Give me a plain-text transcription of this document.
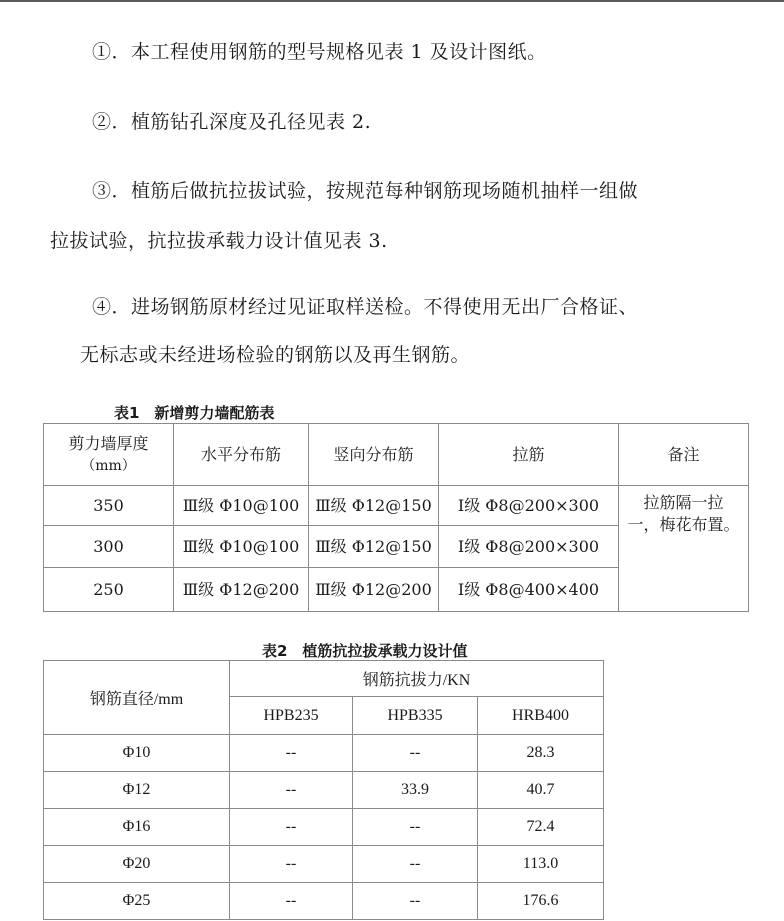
①．本工程使用钢筋的型号规格见表 1 及设计图纸。
②．植筋钻孔深度及孔径见表 2.
③．植筋后做抗拉拔试验，按规范每种钢筋现场随机抽样一组做
拉拔试验，抗拉拔承载力设计值见表 3.
④．进场钢筋原材经过见证取样送检。不得使用无出厂合格证、
无标志或未经进场检验的钢筋以及再生钢筋。
表1　新增剪力墙配筋表
剪力墙厚度
（mm）	水平分布筋	竖向分布筋	拉筋	备注
350	Ⅲ级 Φ10@100	Ⅲ级 Φ12@150	Ⅰ级 Φ8@200×300	拉筋隔一拉
一，梅花布置。

300	Ⅲ级 Φ10@100	Ⅲ级 Φ12@150	Ⅰ级 Φ8@200×300	
250	Ⅲ级 Φ12@200	Ⅲ级 Φ12@200	Ⅰ级 Φ8@400×400	
表2　植筋抗拉拔承载力设计值
钢筋直径/mm	钢筋抗拔力/KN		
	HPB235	HPB335	HRB400
Φ10	--	--	28.3
Φ12	--	33.9	40.7
Φ16	--	--	72.4
Φ20	--	--	113.0
Φ25	--	--	176.6
